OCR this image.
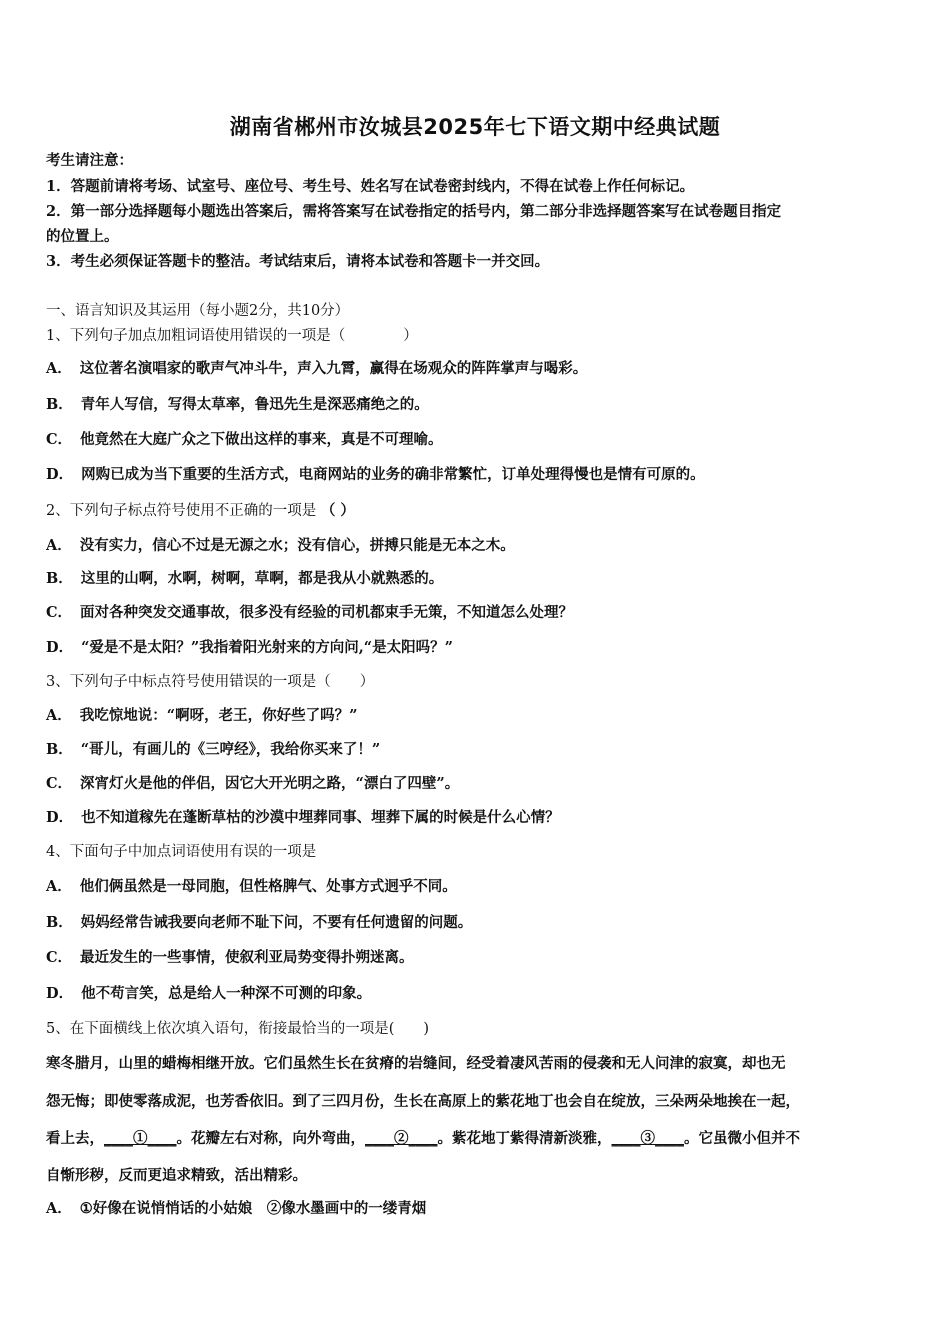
湖南省郴州市汝城县2025年七下语文期中经典试题
考生请注意：
1．答题前请将考场、试室号、座位号、考生号、姓名写在试卷密封线内，不得在试卷上作任何标记。
2．第一部分选择题每小题选出答案后，需将答案写在试卷指定的括号内，第二部分非选择题答案写在试卷题目指定
的位置上。
3．考生必须保证答题卡的整洁。考试结束后，请将本试卷和答题卡一并交回。
一、语言知识及其运用（每小题2分，共10分）
1、下列句子加点加粗词语使用错误的一项是（　　　　）
A． 这位著名演唱家的歌声气冲斗牛，声入九霄，赢得在场观众的阵阵掌声与喝彩。
B． 青年人写信，写得太草率，鲁迅先生是深恶痛绝之的。
C． 他竟然在大庭广众之下做出这样的事来，真是不可理喻。
D． 网购已成为当下重要的生活方式，电商网站的业务的确非常繁忙，订单处理得慢也是情有可原的。
2、下列句子标点符号使用不正确的一项是 （ ）
A． 没有实力，信心不过是无源之水；没有信心，拼搏只能是无本之木。
B． 这里的山啊，水啊，树啊，草啊，都是我从小就熟悉的。
C． 面对各种突发交通事故，很多没有经验的司机都束手无策，不知道怎么处理？
D． “爱是不是太阳？”我指着阳光射来的方向问,“是太阳吗？”
3、下列句子中标点符号使用错误的一项是（　　）
A． 我吃惊地说：“啊呀，老王，你好些了吗？”
B． “哥儿，有画儿的《三哼经》，我给你买来了！”
C． 深宵灯火是他的伴侣，因它大开光明之路，“漂白了四壁”。
D． 也不知道稼先在蓬断草枯的沙漠中埋葬同事、埋葬下属的时候是什么心情？
4、下面句子中加点词语使用有误的一项是
A． 他们俩虽然是一母同胞，但性格脾气、处事方式迥乎不同。
B． 妈妈经常告诫我要向老师不耻下问，不要有任何遗留的问题。
C． 最近发生的一些事情，使叙利亚局势变得扑朔迷离。
D． 他不苟言笑，总是给人一种深不可测的印象。
5、在下面横线上依次填入语句，衔接最恰当的一项是(　　)
寒冬腊月，山里的蜡梅相继开放。它们虽然生长在贫瘠的岩缝间，经受着凄风苦雨的侵袭和无人问津的寂寞，却也无
怨无悔；即使零落成泥，也芳香依旧。到了三四月份，生长在高原上的紫花地丁也会自在绽放，三朵两朵地挨在一起，
看上去，____①____。花瓣左右对称，向外弯曲，____②____。紫花地丁紫得清新淡雅，____③____。它虽微小但并不
自惭形秽，反而更追求精致，活出精彩。
A． ①好像在说悄悄话的小姑娘　②像水墨画中的一缕青烟
